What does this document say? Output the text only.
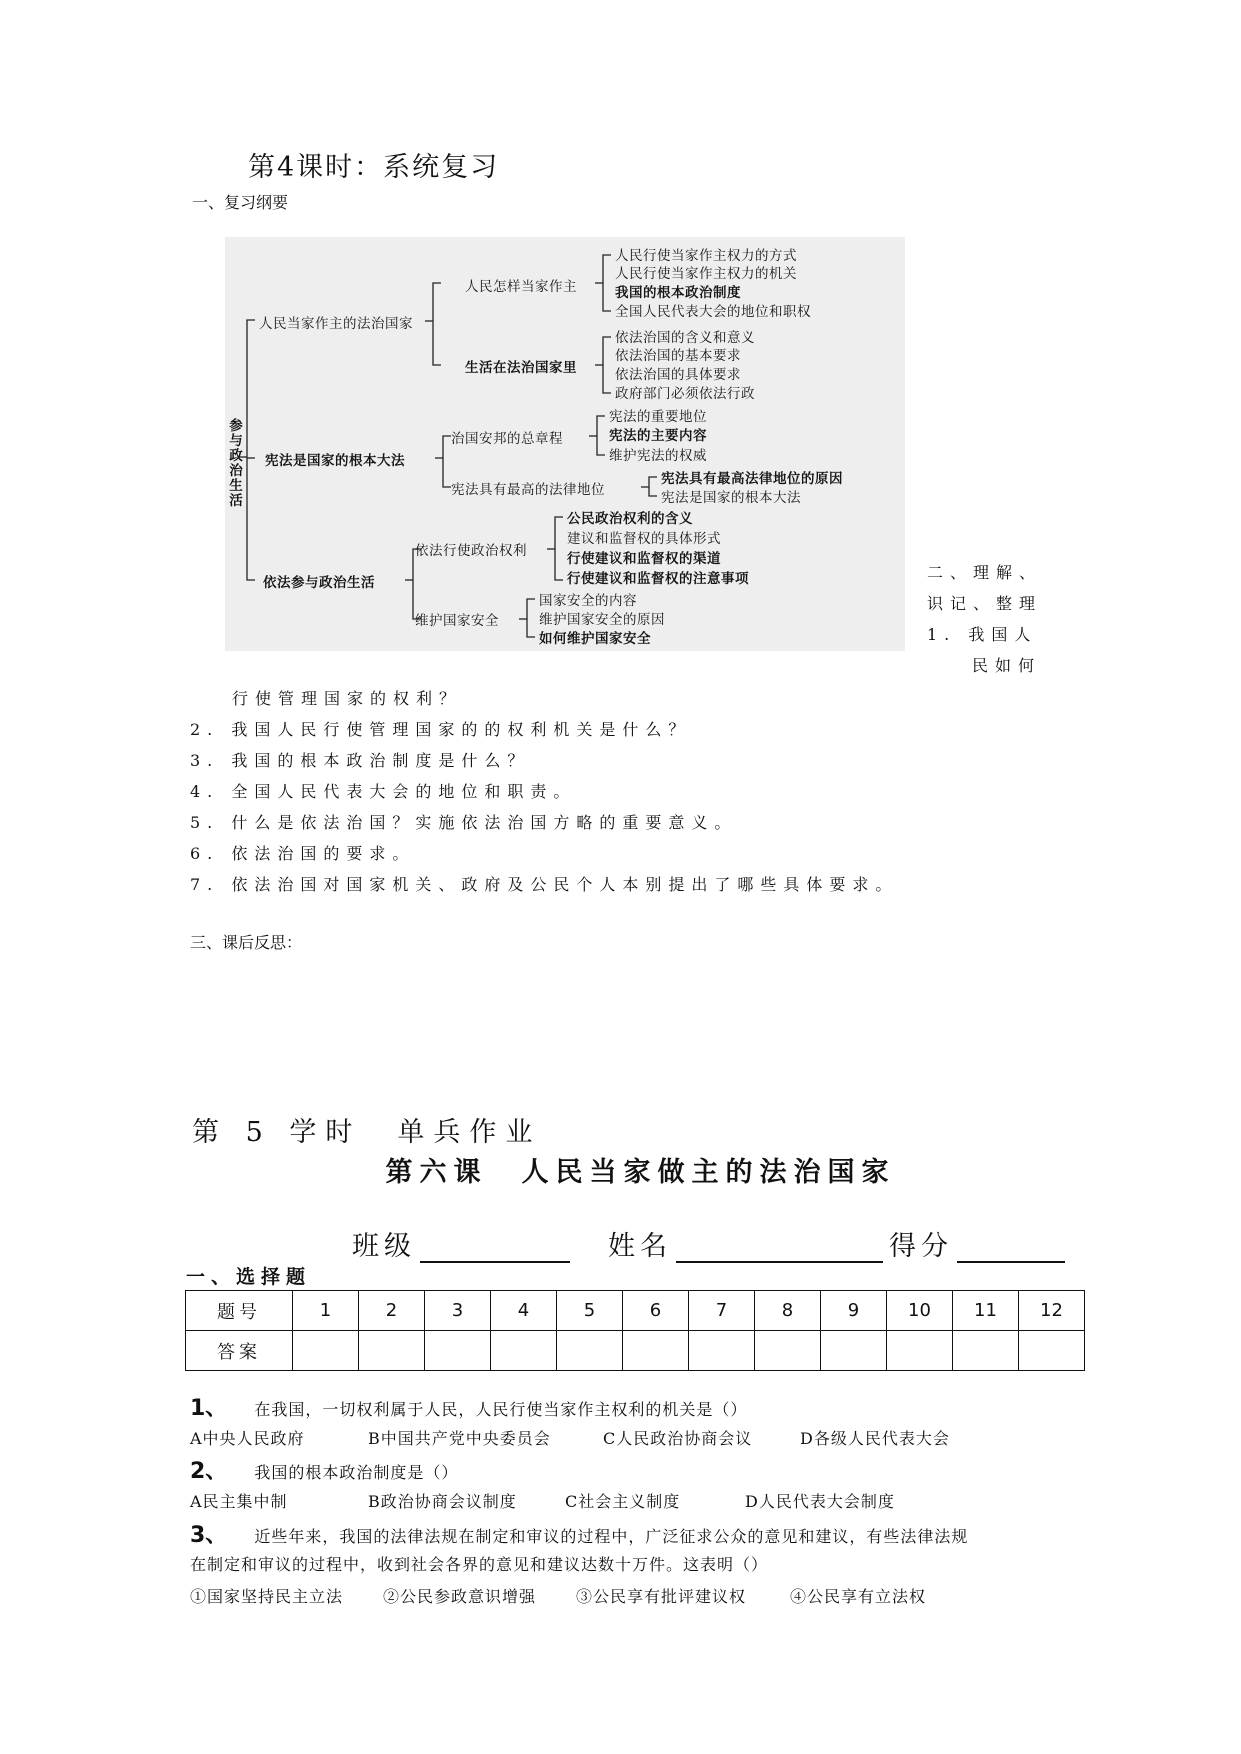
第4课时：系统复习
一、复习纲要
参与政治生活
人民当家作主的法治国家
人民怎样当家作主
人民行使当家作主权力的方式
人民行使当家作主权力的机关
我国的根本政治制度
全国人民代表大会的地位和职权
生活在法治国家里
依法治国的含义和意义
依法治国的基本要求
依法治国的具体要求
政府部门必须依法行政
宪法是国家的根本大法
治国安邦的总章程
宪法的重要地位
宪法的主要内容
维护宪法的权威
宪法具有最高的法律地位
宪法具有最高法律地位的原因
宪法是国家的根本大法
依法参与政治生活
依法行使政治权利
公民政治权利的含义
建议和监督权的具体形式
行使建议和监督权的渠道
行使建议和监督权的注意事项
维护国家安全
国家安全的内容
维护国家安全的原因
如何维护国家安全
二、理解、
识记、整理
1. 我国人
民如何
行使管理国家的权利？
2. 我国人民行使管理国家的的权利机关是什么？
3. 我国的根本政治制度是什么？
4. 全国人民代表大会的地位和职责。
5. 什么是依法治国？实施依法治国方略的重要意义。
6. 依法治国的要求。
7. 依法治国对国家机关、政府及公民个人本别提出了哪些具体要求。
三、课后反思：
第 5 学时　单兵作业
第六课　人民当家做主的法治国家
班级	姓名	得分
一、选择题
题号	1	2	3	4	5	6	7	8	9	10	11	12
答案												
1、 在我国，一切权利属于人民，人民行使当家作主权利的机关是（）
A中央人民政府	B中国共产党中央委员会	C人民政治协商会议	D各级人民代表大会
2、 我国的根本政治制度是（）
A民主集中制	B政治协商会议制度	C社会主义制度	D人民代表大会制度
3、 近些年来，我国的法律法规在制定和审议的过程中，广泛征求公众的意见和建议，有些法律法规
在制定和审议的过程中，收到社会各界的意见和建议达数十万件。这表明（）
①国家坚持民主立法 ②公民参政意识增强 ③公民享有批评建议权	④公民享有立法权
